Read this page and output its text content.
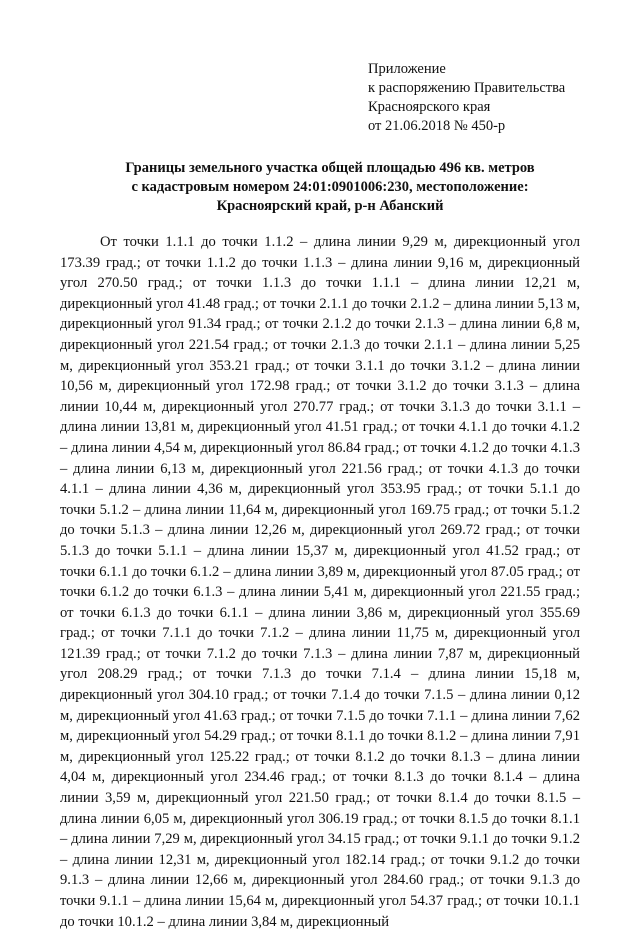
Приложение
к распоряжению Правительства
Красноярского края
от 21.06.2018 № 450-р
Границы земельного участка общей площадью 496 кв. метров
с кадастровым номером 24:01:0901006:230, местоположение:
Красноярский край, р-н Абанский

От точки 1.1.1 до точки 1.1.2 – длина линии 9,29 м, дирекционный угол 173.39 град.; от точки 1.1.2 до точки 1.1.3 – длина линии 9,16 м, дирекционный угол 270.50 град.; от точки 1.1.3 до точки 1.1.1 – длина линии 12,21 м, дирекционный угол 41.48 град.; от точки 2.1.1 до точки 2.1.2 – длина линии 5,13 м, дирекционный угол 91.34 град.; от точки 2.1.2 до точки 2.1.3 – длина линии 6,8 м, дирекционный угол 221.54 град.; от точки 2.1.3 до точки 2.1.1 – длина линии 5,25 м, дирекционный угол 353.21 град.; от точки 3.1.1 до точки 3.1.2 – длина линии 10,56 м, дирекционный угол 172.98 град.; от точки 3.1.2 до точки 3.1.3 – длина линии 10,44 м, дирекционный угол 270.77 град.; от точки 3.1.3 до точки 3.1.1 – длина линии 13,81 м, дирекционный угол 41.51 град.; от точки 4.1.1 до точки 4.1.2 – длина линии 4,54 м, дирекционный угол 86.84 град.; от точки 4.1.2 до точки 4.1.3 – длина линии 6,13 м, дирекционный угол 221.56 град.; от точки 4.1.3 до точки 4.1.1 – длина линии 4,36 м, дирекционный угол 353.95 град.; от точки 5.1.1 до точки 5.1.2 – длина линии 11,64 м, дирекционный угол 169.75 град.; от точки 5.1.2 до точки 5.1.3 – длина линии 12,26 м, дирекционный угол 269.72 град.; от точки 5.1.3 до точки 5.1.1 – длина линии 15,37 м, дирекционный угол 41.52 град.; от точки 6.1.1 до точки 6.1.2 – длина линии 3,89 м, дирекционный угол 87.05 град.; от точки 6.1.2 до точки 6.1.3 – длина линии 5,41 м, дирекционный угол 221.55 град.; от точки 6.1.3 до точки 6.1.1 – длина линии 3,86 м, дирекционный угол 355.69 град.; от точки 7.1.1 до точки 7.1.2 – длина линии 11,75 м, дирекционный угол 121.39 град.; от точки 7.1.2 до точки 7.1.3 – длина линии 7,87 м, дирекционный угол 208.29 град.; от точки 7.1.3 до точки 7.1.4 – длина линии 15,18 м, дирекционный угол 304.10 град.; от точки 7.1.4 до точки 7.1.5 – длина линии 0,12 м, дирекционный угол 41.63 град.; от точки 7.1.5 до точки 7.1.1 – длина линии 7,62 м, дирекционный угол 54.29 град.; от точки 8.1.1 до точки 8.1.2 – длина линии 7,91 м, дирекционный угол 125.22 град.; от точки 8.1.2 до точки 8.1.3 – длина линии 4,04 м, дирекционный угол 234.46 град.; от точки 8.1.3 до точки 8.1.4 – длина линии 3,59 м, дирекционный угол 221.50 град.; от точки 8.1.4 до точки 8.1.5 – длина линии 6,05 м, дирекционный угол 306.19 град.; от точки 8.1.5 до точки 8.1.1 – длина линии 7,29 м, дирекционный угол 34.15 град.; от точки 9.1.1 до точки 9.1.2 – длина линии 12,31 м, дирекционный угол 182.14 град.; от точки 9.1.2 до точки 9.1.3 – длина линии 12,66 м, дирекционный угол 284.60 град.; от точки 9.1.3 до точки 9.1.1 – длина линии 15,64 м, дирекционный угол 54.37 град.; от точки 10.1.1 до точки 10.1.2 – длина линии 3,84 м, дирекционный
